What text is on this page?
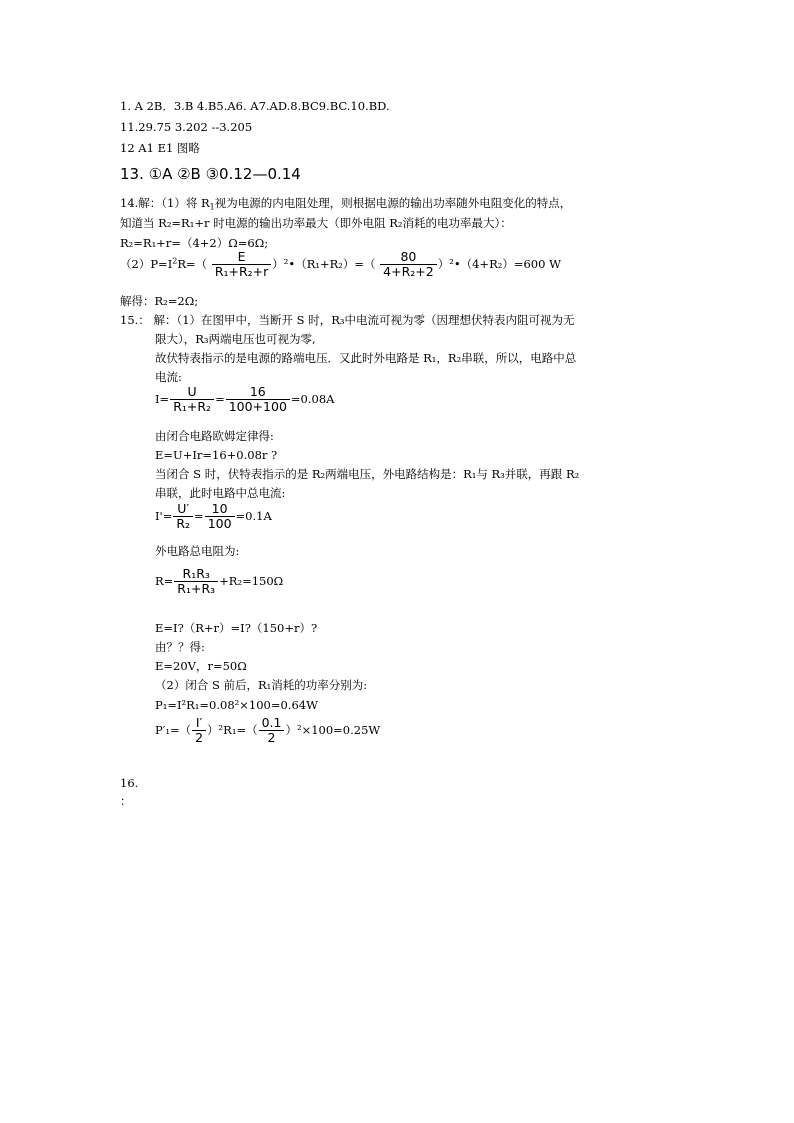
1. A 2B．3.B 4.B5.A6. A7.AD.8.BC9.BC.10.BD.
11.29.75 3.202 --3.205
12 A1 E1 图略
13. ①A ②B ③0.12—0.14
14.解：（1）将 $R_1$视为电源的内电阻处理，则根据电源的输出功率随外电阻变化的特点，
知道当 R₂=R₁+r 时电源的输出功率最大（即外电阻 R₂消耗的电功率最大）：
R₂=R₁+r=（4+2）Ω=6Ω;
$(2)P=I^2R=( \frac{E}{\text{R₁+R₂+r}}$ ）²•（R₁+R₂）=（ $\frac{80}{\text{4+R₂+2}}$ ）²•（4+R₂）=600 W
解得：R₂=2Ω;
15.： 解：（1）在图甲中，当断开 S 时，R₃中电流可视为零（因理想伏特表内阻可视为无
限大），R₃两端电压也可视为零,
故伏特表指示的是电源的路端电压．又此时外电路是 R₁，R₂串联，所以，电路中总
电流:
$I= \frac{U}{\text{R₁+R₂}} = \frac{16}{100+100} =0.08A$
由闭合电路欧姆定律得:
E=U+Ir=16+0.08r ?
当闭合 S 时，伏特表指示的是 R₂两端电压，外电路结构是：R₁与 R₃并联，再跟 R₂
串联，此时电路中总电流:
$I'= \frac{U'}{\text{R₂}} = \frac{10}{100} =0.1A$
外电路总电阻为:
$R= \frac{\text{R₁R₃}}{\text{R₁+R₃}} +R_2=150\Omega$
E=I?（R+r）=I?（150+r）?
由？？得:
E=20V，r=50Ω
（2）闭合 S 前后，R₁消耗的功率分别为:
P₁=I²R₁=0.08²×100=0.64W
$P'_1=( \frac{I'}{2} )^2R_1=( \frac{0.1}{2} )^2\times 100=0.25W$
16.
：
